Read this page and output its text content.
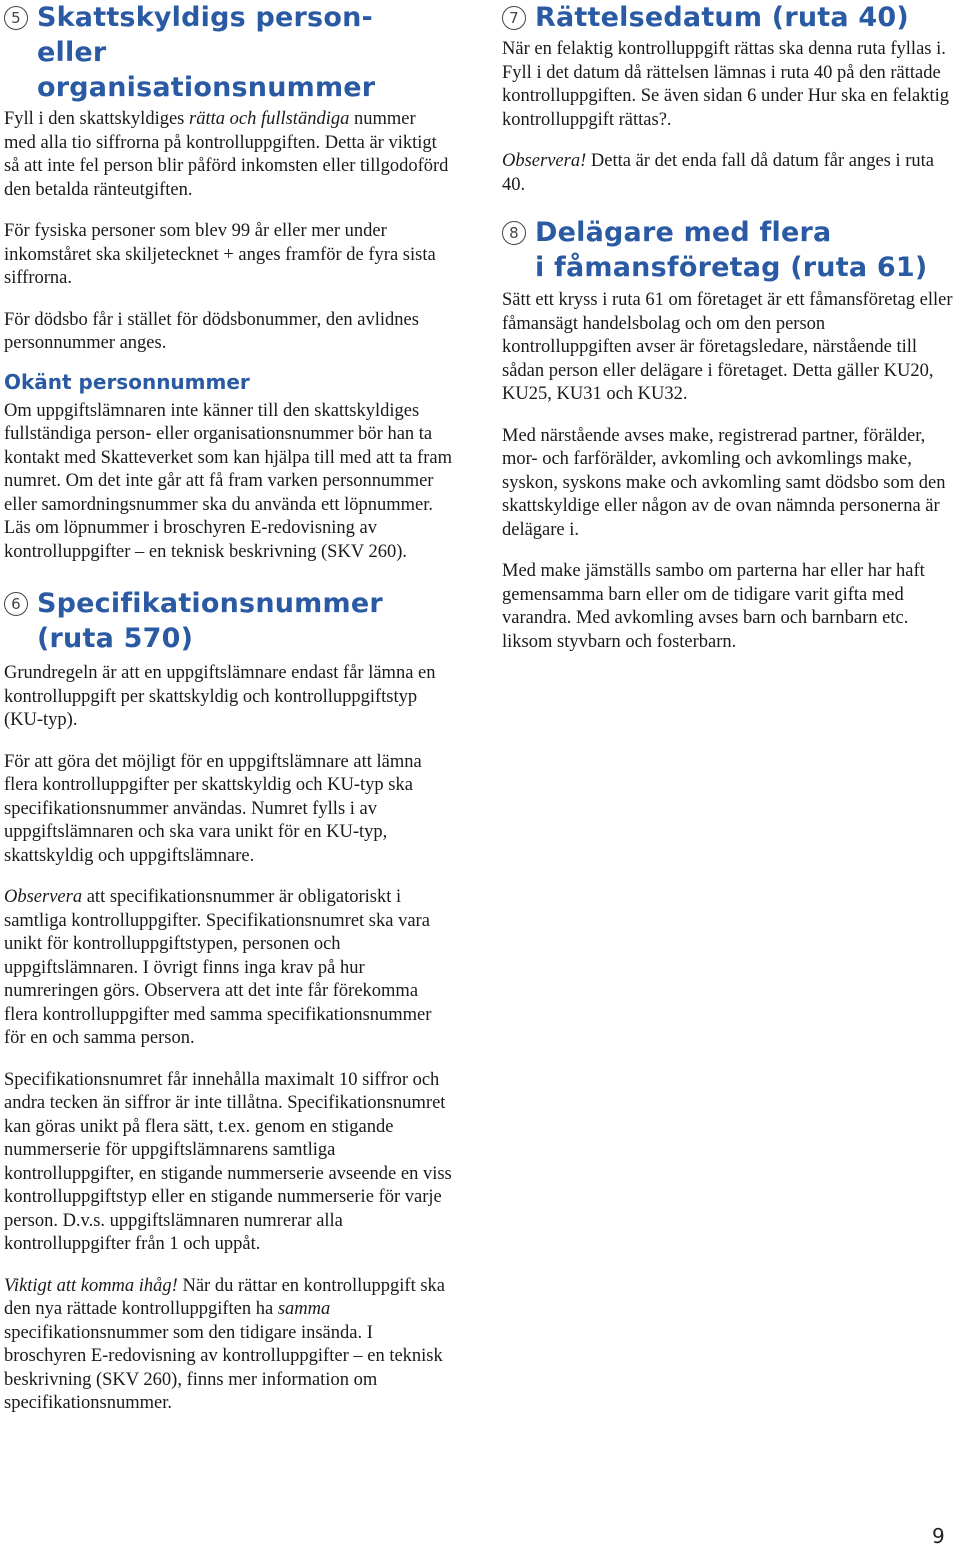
5 Skattskyldigs person-
eller organisationsnummer

Fyll i den skattskyldiges rätta och fullständiga nummer med alla tio siffrorna på kontrolluppgiften. Detta är viktigt så att inte fel person blir påförd inkomsten eller tillgodoförd den betalda ränteutgiften.

För fysiska personer som blev 99 år eller mer under inkomståret ska skiljetecknet + anges framför de fyra sista siffrorna.

För dödsbo får i stället för dödsbonummer, den avlidnes personnummer anges.

Okänt personnummer

Om uppgiftslämnaren inte känner till den skattskyldiges fullständiga person- eller organisationsnummer bör han ta kontakt med Skatteverket som kan hjälpa till med att ta fram numret. Om det inte går att få fram varken personnummer eller samordningsnummer ska du använda ett löpnummer. Läs om löpnummer i broschyren E-redovisning av kontrolluppgifter – en teknisk beskrivning (SKV 260).

6 Specifikationsnummer
(ruta 570)

Grundregeln är att en uppgiftslämnare endast får lämna en kontrolluppgift per skattskyldig och kontrolluppgiftstyp (KU-typ).

För att göra det möjligt för en uppgiftslämnare att lämna flera kontrolluppgifter per skattskyldig och KU-typ ska specifikationsnummer användas. Numret fylls i av uppgiftslämnaren och ska vara unikt för en KU-typ, skattskyldig och uppgiftslämnare.

Observera att specifikationsnummer är obligatoriskt i samtliga kontrolluppgifter. Specifikationsnumret ska vara unikt för kontrolluppgiftstypen, personen och uppgiftslämnaren. I övrigt finns inga krav på hur numreringen görs. Observera att det inte får förekomma flera kontrolluppgifter med samma specifikationsnummer för en och samma person.

Specifikationsnumret får innehålla maximalt 10 siffror och andra tecken än siffror är inte tillåtna. Specifikationsnumret kan göras unikt på flera sätt, t.ex. genom en stigande nummerserie för uppgiftslämnarens samtliga kontrolluppgifter, en stigande nummerserie avseende en viss kontrolluppgiftstyp eller en stigande nummerserie för varje person. D.v.s. uppgiftslämnaren numrerar alla kontrolluppgifter från 1 och uppåt.

Viktigt att komma ihåg! När du rättar en kontrolluppgift ska den nya rättade kontrolluppgiften ha samma specifikationsnummer som den tidigare insända. I broschyren E-redovisning av kontrolluppgifter – en teknisk beskrivning (SKV 260), finns mer information om specifikationsnummer.

7 Rättelsedatum (ruta 40)

När en felaktig kontrolluppgift rättas ska denna ruta fyllas i. Fyll i det datum då rättelsen lämnas i ruta 40 på den rättade kontrolluppgiften. Se även sidan 6 under Hur ska en felaktig kontrolluppgift rättas?.

Observera! Detta är det enda fall då datum får anges i ruta 40.

8 Delägare med flera
i fåmansföretag (ruta 61)

Sätt ett kryss i ruta 61 om företaget är ett fåmansföretag eller fåmansägt handelsbolag och om den person kontrolluppgiften avser är företagsledare, närstående till sådan person eller delägare i företaget. Detta gäller KU20, KU25, KU31 och KU32.

Med närstående avses make, registrerad partner, förälder, mor- och farförälder, avkomling och avkomlings make, syskon, syskons make och avkomling samt dödsbo som den skattskyldige eller någon av de ovan nämnda personerna är delägare i.

Med make jämställs sambo om parterna har eller har haft gemensamma barn eller om de tidigare varit gifta med varandra. Med avkomling avses barn och barnbarn etc. liksom styvbarn och fosterbarn.

9
